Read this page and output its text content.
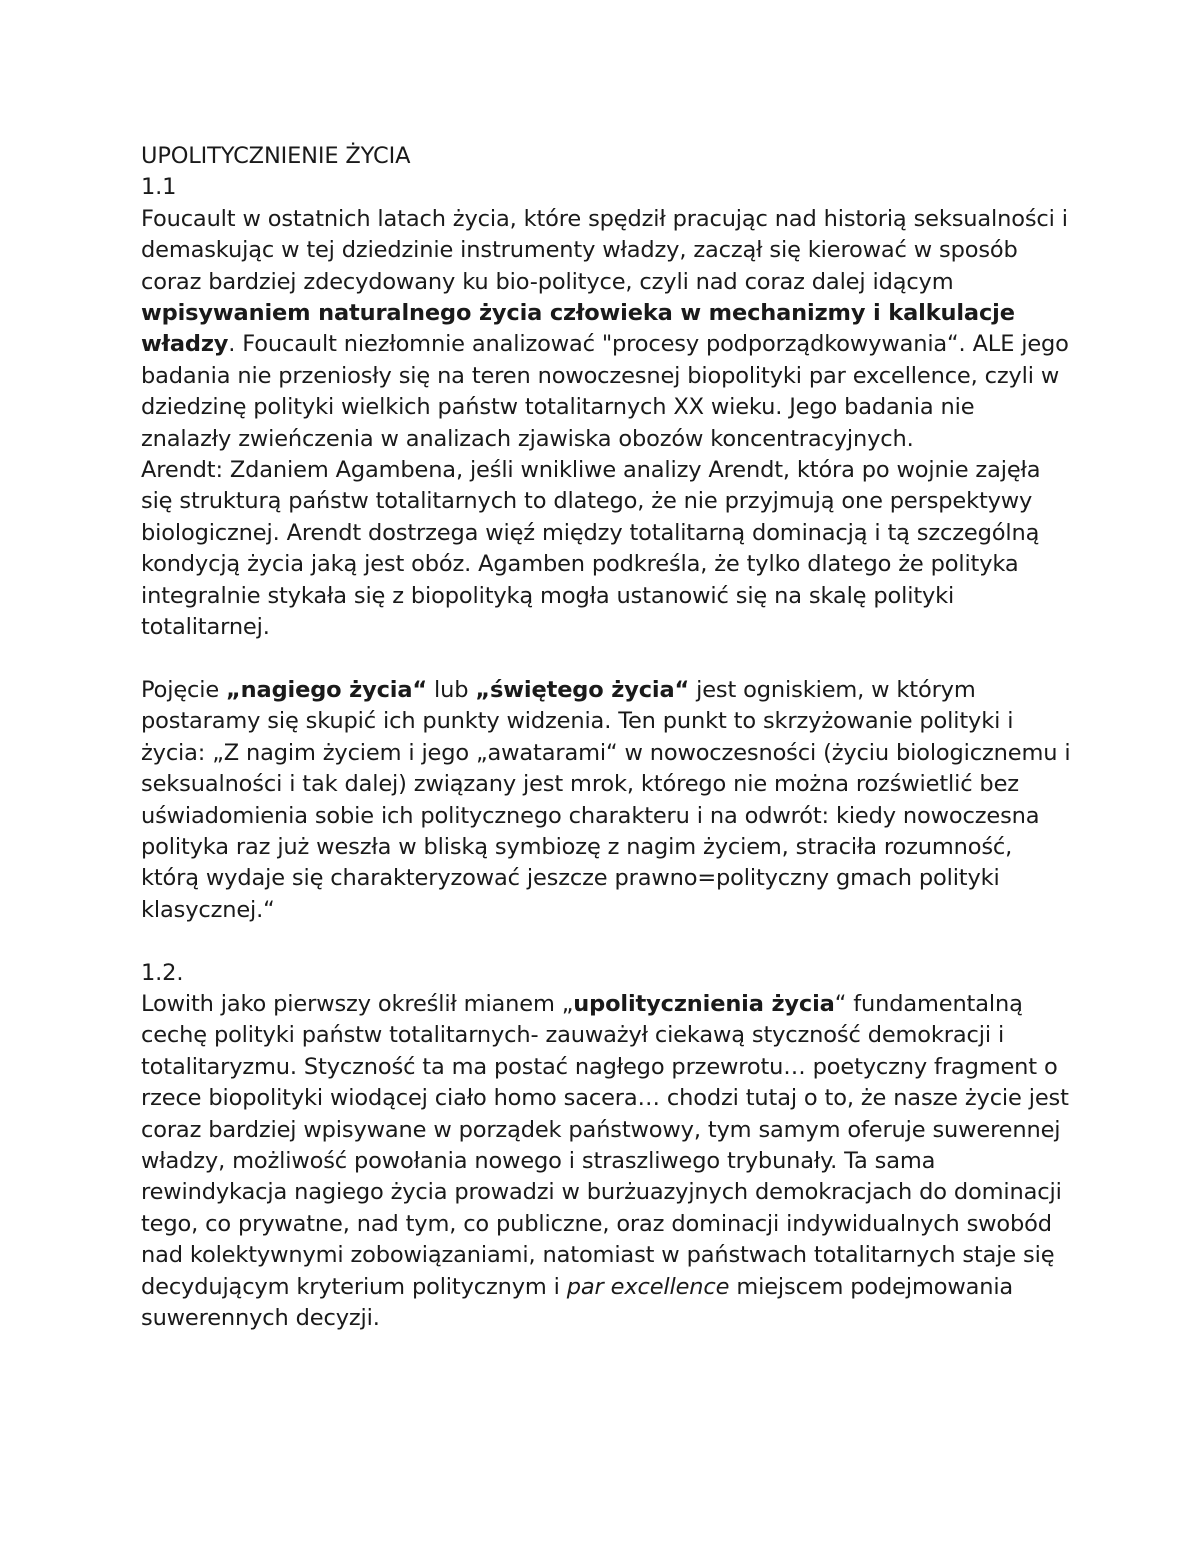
UPOLITYCZNIENIE ŻYCIA

1.1

Foucault w ostatnich latach życia, które spędził pracując nad historią seksualności i demaskując w tej dziedzinie instrumenty władzy, zaczął się kierować w sposób coraz bardziej zdecydowany ku bio-polityce, czyli nad coraz dalej idącym wpisywaniem naturalnego życia człowieka w mechanizmy i kalkulacje władzy. Foucault niezłomnie analizować "procesy podporządkowywania“. ALE jego badania nie przeniosły się na teren nowoczesnej biopolityki par excellence, czyli w dziedzinę polityki wielkich państw totalitarnych XX wieku. Jego badania nie znalazły zwieńczenia w analizach zjawiska obozów koncentracyjnych.

Arendt: Zdaniem Agambena, jeśli wnikliwe analizy Arendt, która po wojnie zajęła się strukturą państw totalitarnych to dlatego, że nie przyjmują one perspektywy biologicznej. Arendt dostrzega więź między totalitarną dominacją i tą szczególną kondycją życia jaką jest obóz. Agamben podkreśla, że tylko dlatego że polityka integralnie stykała się z biopolityką mogła ustanowić się na skalę polityki totalitarnej.

Pojęcie „nagiego życia“ lub „świętego życia“ jest ogniskiem, w którym postaramy się skupić ich punkty widzenia. Ten punkt to skrzyżowanie polityki i życia: „Z nagim życiem i jego „awatarami“ w nowoczesności (życiu biologicznemu i seksualności i tak dalej) związany jest mrok, którego nie można rozświetlić bez uświadomienia sobie ich politycznego charakteru i na odwrót: kiedy nowoczesna polityka raz już weszła w bliską symbiozę z nagim życiem, straciła rozumność, którą wydaje się charakteryzować jeszcze prawno=polityczny gmach polityki klasycznej.“

1.2.

Lowith jako pierwszy określił mianem „upolitycznienia życia“ fundamentalną cechę polityki państw totalitarnych- zauważył ciekawą styczność demokracji i totalitaryzmu. Styczność ta ma postać nagłego przewrotu… poetyczny fragment o rzece biopolityki wiodącej ciało homo sacera… chodzi tutaj o to, że nasze życie jest coraz bardziej wpisywane w porządek państwowy, tym samym oferuje suwerennej władzy, możliwość powołania nowego i straszliwego trybunały. Ta sama rewindykacja nagiego życia prowadzi w burżuazyjnych demokracjach do dominacji tego, co prywatne, nad tym, co publiczne, oraz dominacji indywidualnych swobód nad kolektywnymi zobowiązaniami, natomiast w państwach totalitarnych staje się decydującym kryterium politycznym i par excellence miejscem podejmowania suwerennych decyzji.
